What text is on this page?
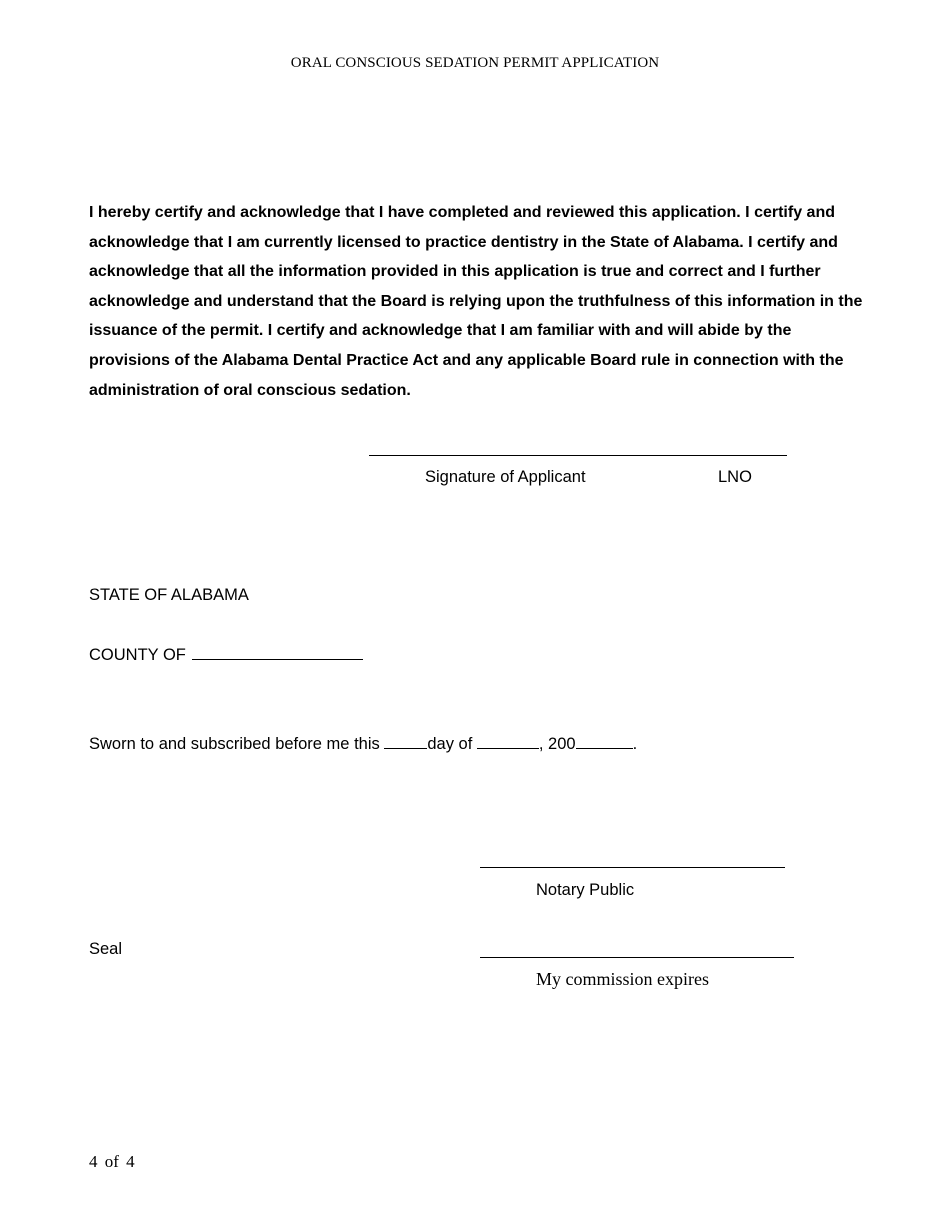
ORAL CONSCIOUS SEDATION PERMIT APPLICATION

I hereby certify and acknowledge that I have completed and reviewed this application. I certify and acknowledge that I am currently licensed to practice dentistry in the State of Alabama. I certify and acknowledge that all the information provided in this application is true and correct and I further acknowledge and understand that the Board is relying upon the truthfulness of this information in the issuance of the permit. I certify and acknowledge that I am familiar with and will abide by the provisions of the Alabama Dental Practice Act and any applicable Board rule in connection with the administration of oral conscious sedation.

Signature of Applicant	LNO
STATE OF ALABAMA
COUNTY OF
Sworn to and subscribed before me this	day of	, 200	.
Notary Public
Seal
My commission expires
4 of 4
